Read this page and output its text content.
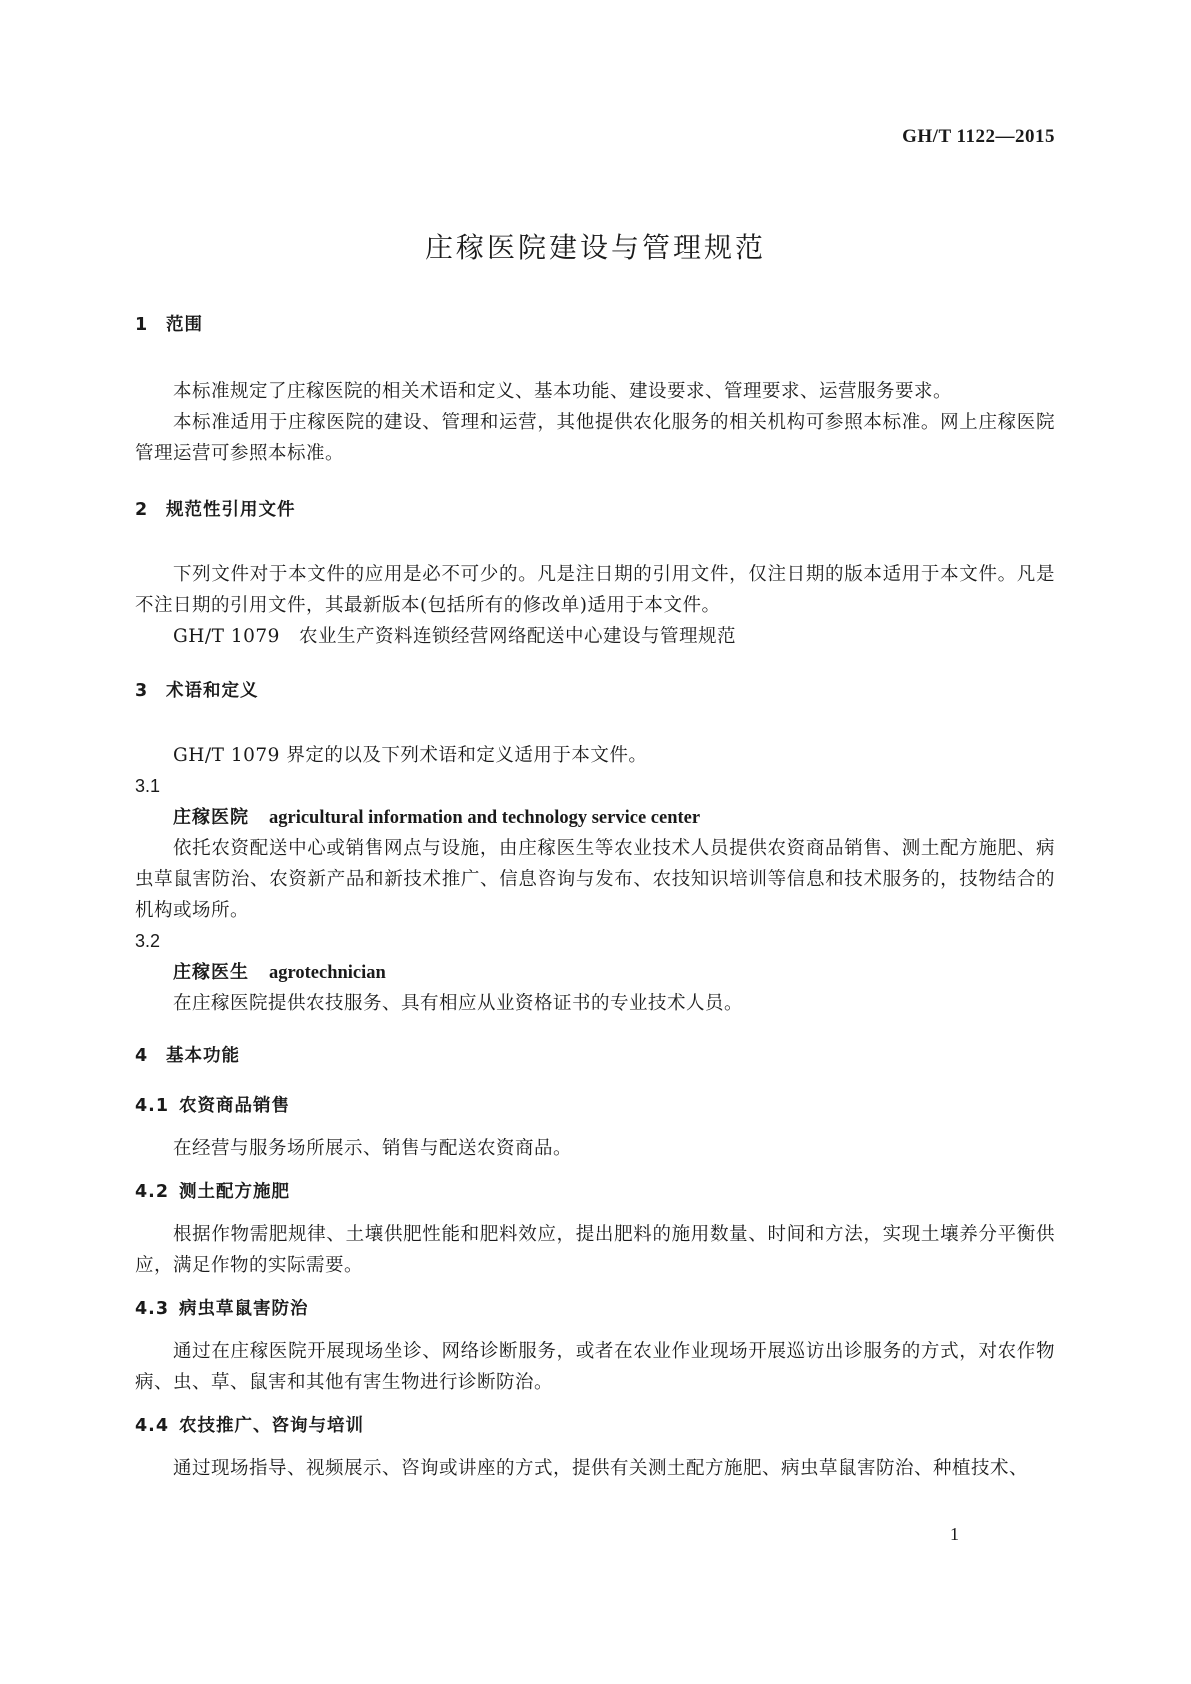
GH/T 1122—2015
庄稼医院建设与管理规范
1 范围

本标准规定了庄稼医院的相关术语和定义、基本功能、建设要求、管理要求、运营服务要求。

本标准适用于庄稼医院的建设、管理和运营，其他提供农化服务的相关机构可参照本标准。网上庄稼医院管理运营可参照本标准。

2 规范性引用文件

下列文件对于本文件的应用是必不可少的。凡是注日期的引用文件，仅注日期的版本适用于本文件。凡是不注日期的引用文件，其最新版本(包括所有的修改单)适用于本文件。

GH/T 1079　农业生产资料连锁经营网络配送中心建设与管理规范

3 术语和定义

GH/T 1079 界定的以及下列术语和定义适用于本文件。

3.1
庄稼医院 agricultural information and technology service center

依托农资配送中心或销售网点与设施，由庄稼医生等农业技术人员提供农资商品销售、测土配方施肥、病虫草鼠害防治、农资新产品和新技术推广、信息咨询与发布、农技知识培训等信息和技术服务的，技物结合的机构或场所。

3.2
庄稼医生 agrotechnician

在庄稼医院提供农技服务、具有相应从业资格证书的专业技术人员。

4 基本功能
4.1 农资商品销售

在经营与服务场所展示、销售与配送农资商品。

4.2 测土配方施肥

根据作物需肥规律、土壤供肥性能和肥料效应，提出肥料的施用数量、时间和方法，实现土壤养分平衡供应，满足作物的实际需要。

4.3 病虫草鼠害防治

通过在庄稼医院开展现场坐诊、网络诊断服务，或者在农业作业现场开展巡访出诊服务的方式，对农作物病、虫、草、鼠害和其他有害生物进行诊断防治。

4.4 农技推广、咨询与培训

通过现场指导、视频展示、咨询或讲座的方式，提供有关测土配方施肥、病虫草鼠害防治、种植技术、

1
